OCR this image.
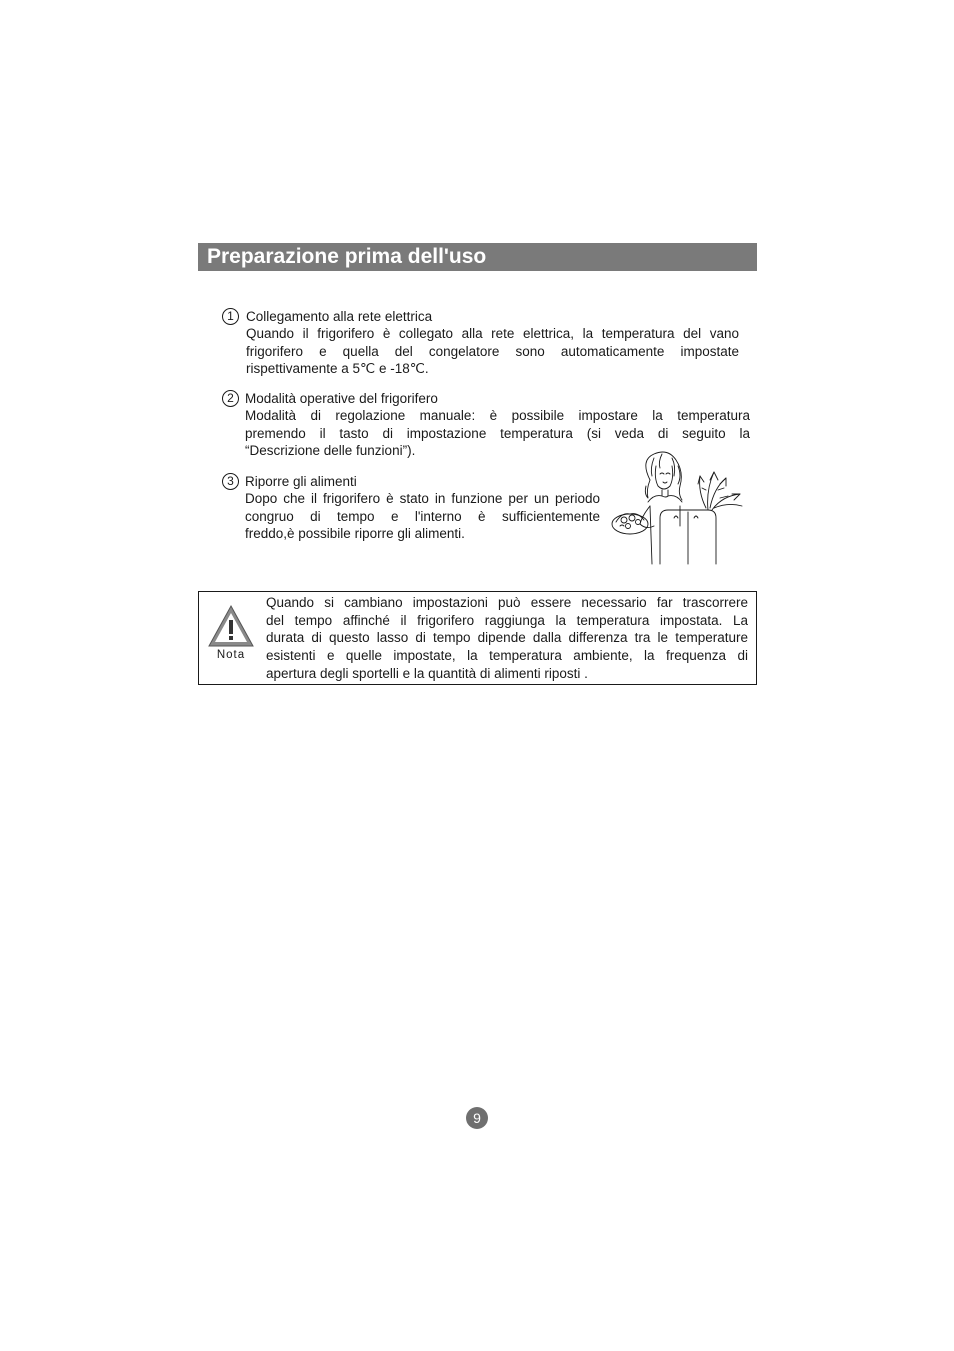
Preparazione prima dell'uso
1 Collegamento alla rete elettrica
Quando il frigorifero è collegato alla rete elettrica, la temperatura del vano
frigorifero e quella del congelatore sono automaticamente impostate
rispettivamente a 5℃ e -18℃.
2 Modalità operative del frigorifero
Modalità di regolazione manuale: è possibile impostare la temperatura
premendo il tasto di impostazione temperatura (si veda di seguito la
“Descrizione delle funzioni”).
3 Riporre gli alimenti
Dopo che il frigorifero è stato in funzione per un periodo
congruo di tempo e l'interno è sufficientemente
freddo,è possibile riporre gli alimenti.
Nota
Quando si cambiano impostazioni può essere necessario far trascorrere
del tempo affinché il frigorifero raggiunga la temperatura impostata. La
durata di questo lasso di tempo dipende dalla differenza tra le temperature
esistenti e quelle impostate, la temperatura ambiente, la frequenza di
apertura degli sportelli e la quantità di alimenti riposti .
9
